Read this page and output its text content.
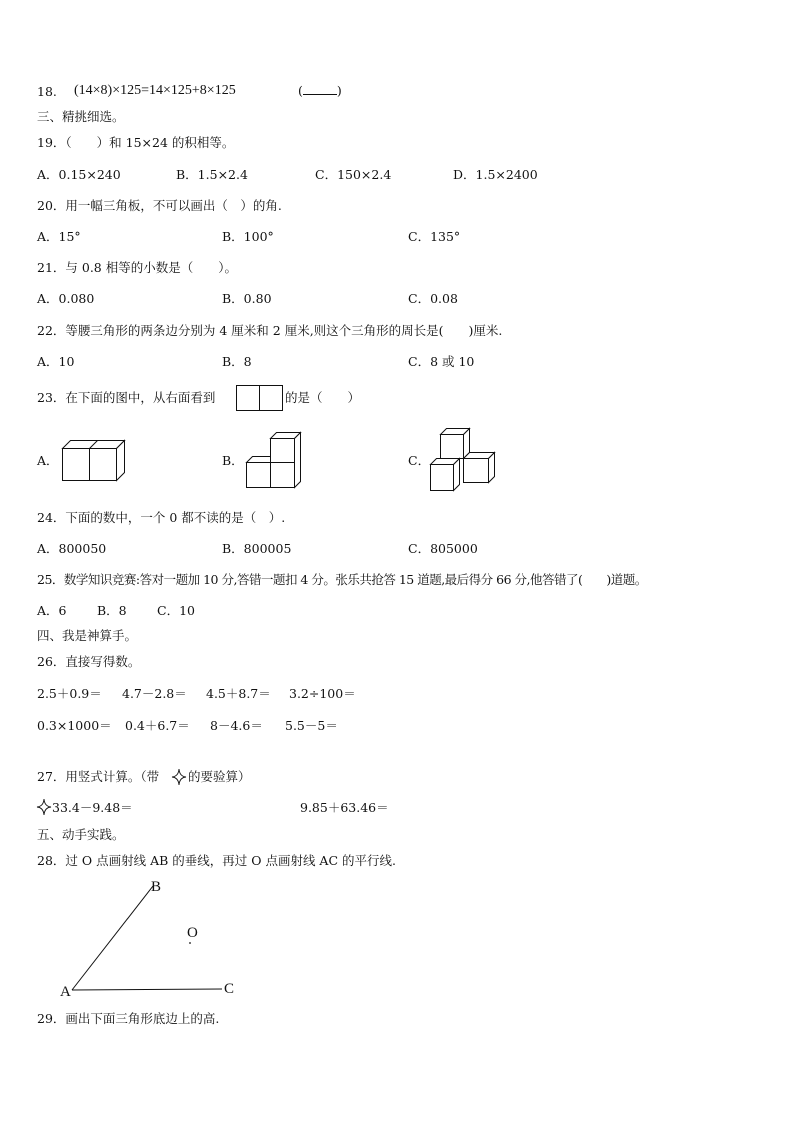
18. (14×8)×125=14×125+8×125	(	)
三、精挑细选。
19．（　　）和 15×24 的积相等。
A．0.15×240	B．1.5×2.4	C．150×2.4	D．1.5×2400
20．用一幅三角板，不可以画出（　）的角.
A．15°	B．100°	C．135°
21．与 0.8 相等的小数是（　　）。
A．0.080	B．0.80	C．0.08
22．等腰三角形的两条边分别为 4 厘米和 2 厘米,则这个三角形的周长是(　　)厘米.
A．10	B．8	C．8 或 10
23．在下面的图中，从右面看到	的是（　　）
A．	B．	C．
24．下面的数中，一个 0 都不读的是（　）.
A．800050	B．800005	C．805000
25．数学知识竞赛:答对一题加 10 分,答错一题扣 4 分。张乐共抢答 15 道题,最后得分 66 分,他答错了(　　)道题。
A．6 B．8 C．10
四、我是神算手。
26．直接写得数。
2.5＋0.9＝ 4.7－2.8＝ 4.5＋8.7＝ 3.2÷100＝
0.3×1000＝ 0.4＋6.7＝ 8－4.6＝ 5.5－5＝
27．用竖式计算。（带 的要验算）
33.4－9.48＝	9.85＋63.46＝
五、动手实践。
28．过 O 点画射线 AB 的垂线，再过 O 点画射线 AC 的平行线.
B
O
A	C
29．画出下面三角形底边上的高.
